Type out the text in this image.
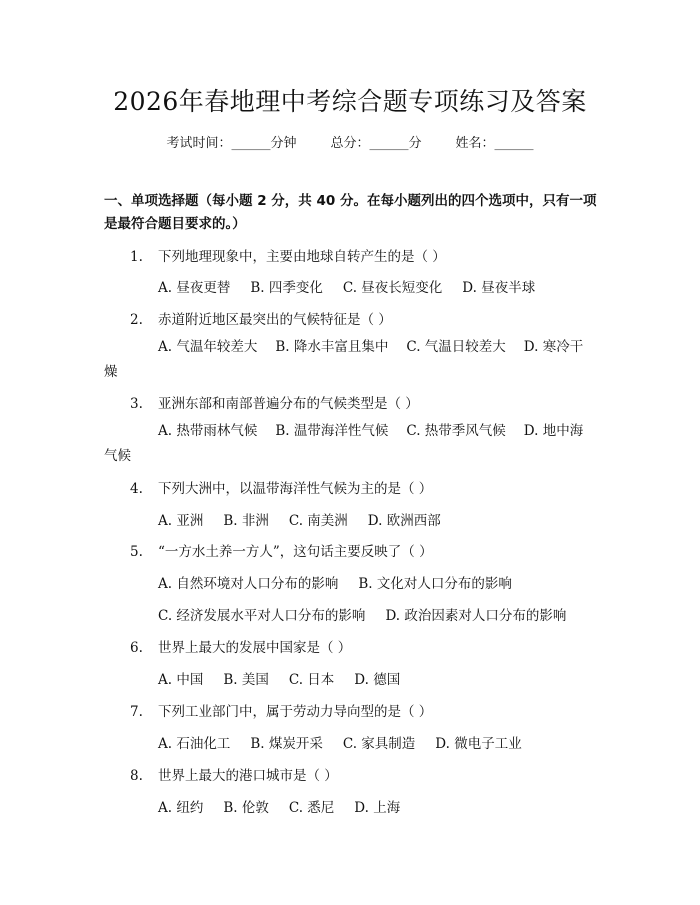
2026年春地理中考综合题专项练习及答案
考试时间：______分钟	总分：______分	姓名：______
一、单项选择题（每小题 2 分，共 40 分。在每小题列出的四个选项中，只有一项是最符合题目要求的。）
1. 下列地理现象中，主要由地球自转产生的是（ ）
A. 昼夜更替 B. 四季变化 C. 昼夜长短变化 D. 昼夜半球
2. 赤道附近地区最突出的气候特征是（ ）
A. 气温年较差大 B. 降水丰富且集中 C. 气温日较差大 D. 寒冷干燥
3. 亚洲东部和南部普遍分布的气候类型是（ ）
A. 热带雨林气候 B. 温带海洋性气候 C. 热带季风气候 D. 地中海气候
4. 下列大洲中，以温带海洋性气候为主的是（ ）
A. 亚洲 B. 非洲 C. 南美洲 D. 欧洲西部
5. “一方水土养一方人”，这句话主要反映了（ ）
A. 自然环境对人口分布的影响 B. 文化对人口分布的影响
C. 经济发展水平对人口分布的影响 D. 政治因素对人口分布的影响
6. 世界上最大的发展中国家是（ ）
A. 中国 B. 美国 C. 日本 D. 德国
7. 下列工业部门中，属于劳动力导向型的是（ ）
A. 石油化工 B. 煤炭开采 C. 家具制造 D. 微电子工业
8. 世界上最大的港口城市是（ ）
A. 纽约 B. 伦敦 C. 悉尼 D. 上海
